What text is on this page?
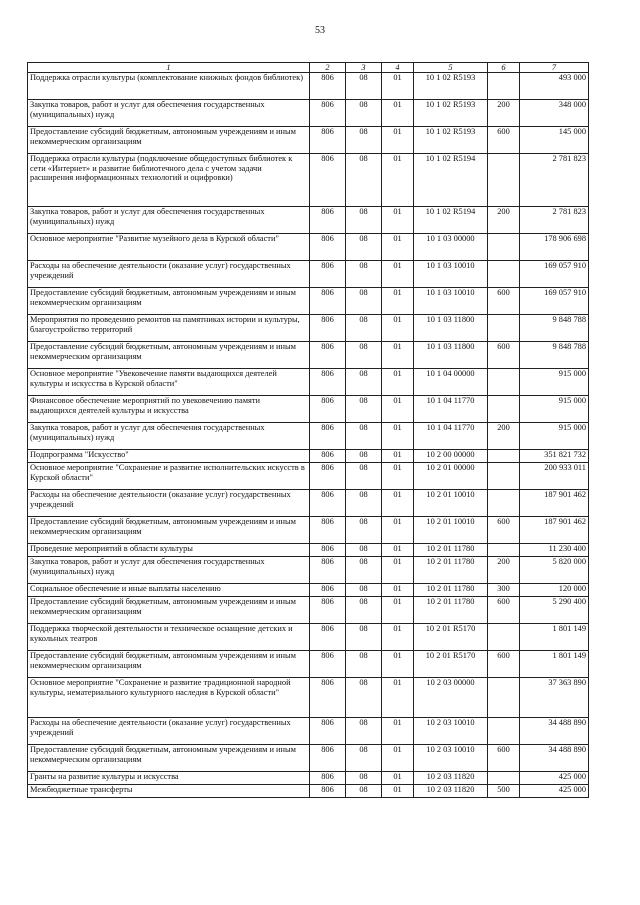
53
1	2	3	4	5	6	7
Поддержка отрасли культуры (комплектование книжных фондов библиотек)	806	08	01	10 1 02 R5193		493 000
Закупка товаров, работ и услуг для обеспечения государственных (муниципальных) нужд	806	08	01	10 1 02 R5193	200	348 000
Предоставление субсидий бюджетным, автономным учреждениям и иным некоммерческим организациям	806	08	01	10 1 02 R5193	600	145 000
Поддержка отрасли культуры (подключение общедоступных библиотек к сети «Интернет» и развитие библиотечного дела с учетом задачи расширения информационных технологий и оцифровки)	806	08	01	10 1 02 R5194		2 781 823
Закупка товаров, работ и услуг для обеспечения государственных (муниципальных) нужд	806	08	01	10 1 02 R5194	200	2 781 823
Основное мероприятие "Развитие музейного дела в Курской области"	806	08	01	10 1 03 00000		178 906 698
Расходы на обеспечение деятельности (оказание услуг) государственных учреждений	806	08	01	10 1 03 10010		169 057 910
Предоставление субсидий бюджетным, автономным учреждениям и иным некоммерческим организациям	806	08	01	10 1 03 10010	600	169 057 910
Мероприятия по проведению ремонтов на памятниках истории и культуры, благоустройство территорий	806	08	01	10 1 03 11800		9 848 788
Предоставление субсидий бюджетным, автономным учреждениям и иным некоммерческим организациям	806	08	01	10 1 03 11800	600	9 848 788
Основное мероприятие "Увековечение памяти выдающихся деятелей культуры и искусства в Курской области"	806	08	01	10 1 04 00000		915 000
Финансовое обеспечение мероприятий по увековечению памяти выдающихся деятелей культуры и искусства	806	08	01	10 1 04 11770		915 000
Закупка товаров, работ и услуг для обеспечения государственных (муниципальных) нужд	806	08	01	10 1 04 11770	200	915 000
Подпрограмма "Искусство"	806	08	01	10 2 00 00000		351 821 732
Основное мероприятие "Сохранение и развитие исполнительских искусств в Курской области"	806	08	01	10 2 01 00000		200 933 011
Расходы на обеспечение деятельности (оказание услуг) государственных учреждений	806	08	01	10 2 01 10010		187 901 462
Предоставление субсидий бюджетным, автономным учреждениям и иным некоммерческим организациям	806	08	01	10 2 01 10010	600	187 901 462
Проведение мероприятий в области культуры	806	08	01	10 2 01 11780		11 230 400
Закупка товаров, работ и услуг для обеспечения государственных (муниципальных) нужд	806	08	01	10 2 01 11780	200	5 820 000
Социальное обеспечение и иные выплаты населению	806	08	01	10 2 01 11780	300	120 000
Предоставление субсидий бюджетным, автономным учреждениям и иным некоммерческим организациям	806	08	01	10 2 01 11780	600	5 290 400
Поддержка творческой деятельности и техническое оснащение детских и кукольных театров	806	08	01	10 2 01 R5170		1 801 149
Предоставление субсидий бюджетным, автономным учреждениям и иным некоммерческим организациям	806	08	01	10 2 01 R5170	600	1 801 149
Основное мероприятие "Сохранение и развитие традиционной народной культуры, нематериального культурного наследия в Курской области"	806	08	01	10 2 03 00000		37 363 890
Расходы на обеспечение деятельности (оказание услуг) государственных учреждений	806	08	01	10 2 03 10010		34 488 890
Предоставление субсидий бюджетным, автономным учреждениям и иным некоммерческим организациям	806	08	01	10 2 03 10010	600	34 488 890
Гранты на развитие культуры и искусства	806	08	01	10 2 03 11820		425 000
Межбюджетные трансферты	806	08	01	10 2 03 11820	500	425 000
